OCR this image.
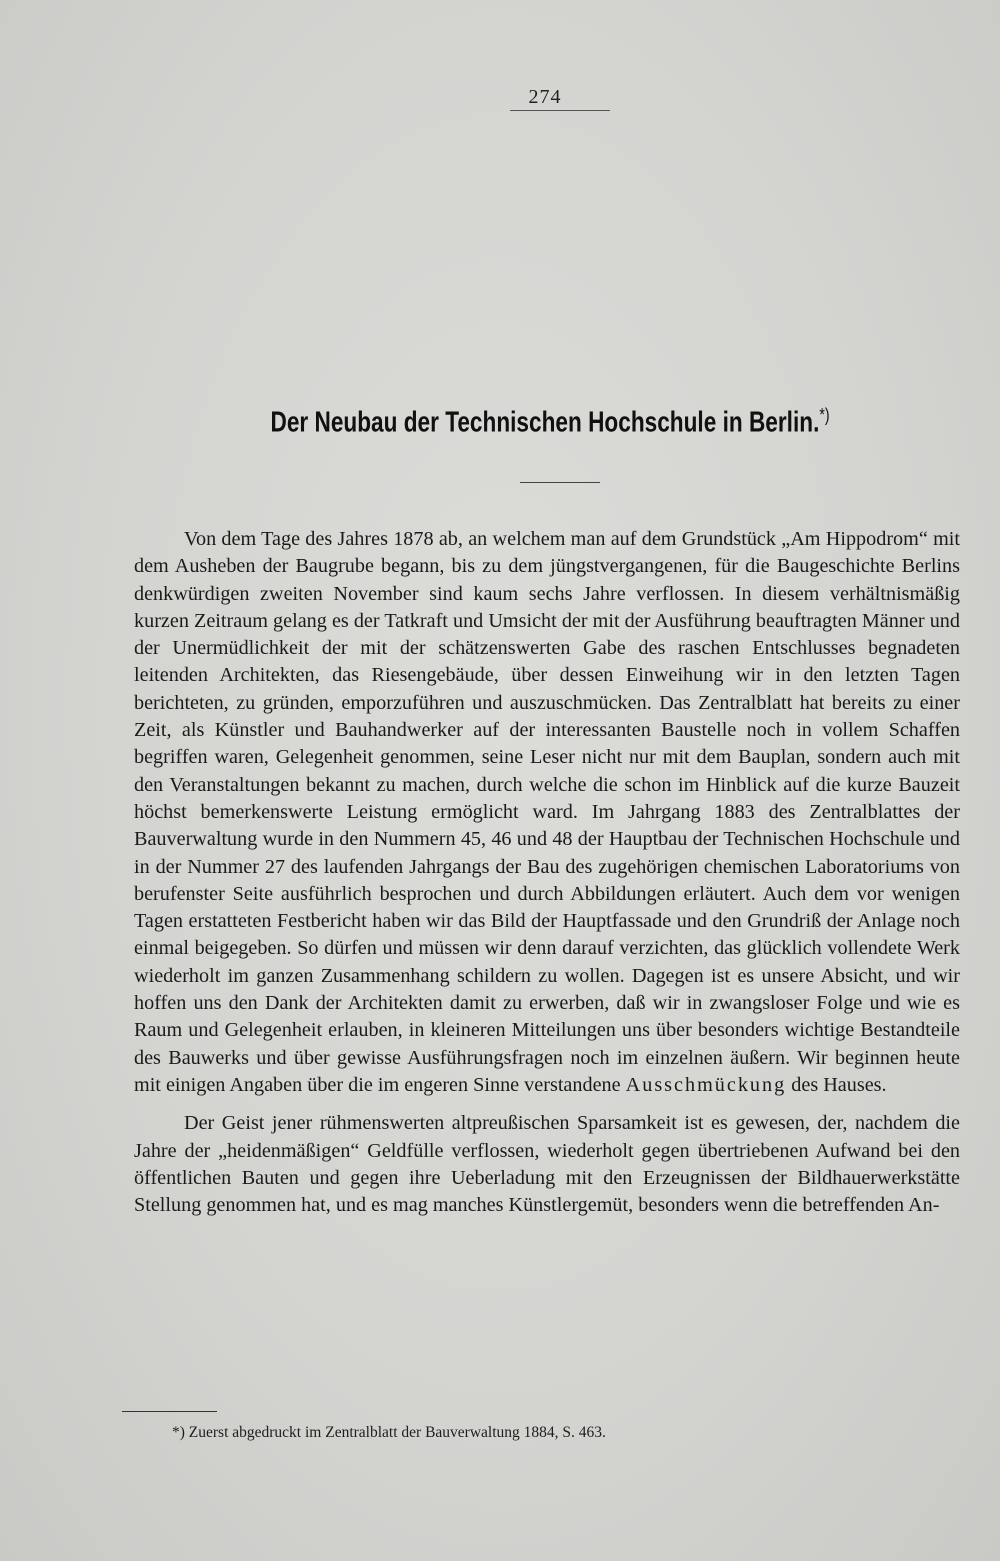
274
Der Neubau der Technischen Hochschule in Berlin.*)

Von dem Tage des Jahres 1878 ab, an welchem man auf dem Grundstück „Am Hippodrom“ mit dem Ausheben der Baugrube begann, bis zu dem jüngstvergangenen, für die Baugeschichte Berlins denkwürdigen zweiten November sind kaum sechs Jahre verflossen. In diesem verhältnismäßig kurzen Zeitraum gelang es der Tatkraft und Umsicht der mit der Ausführung beauftragten Männer und der Unermüdlichkeit der mit der schätzenswerten Gabe des raschen Entschlusses begnadeten leitenden Architekten, das Riesengebäude, über dessen Einweihung wir in den letzten Tagen berichteten, zu gründen, emporzuführen und auszuschmücken. Das Zentralblatt hat bereits zu einer Zeit, als Künstler und Bauhandwerker auf der interessanten Baustelle noch in vollem Schaffen begriffen waren, Gelegenheit genommen, seine Leser nicht nur mit dem Bauplan, sondern auch mit den Veranstaltungen bekannt zu machen, durch welche die schon im Hinblick auf die kurze Bauzeit höchst bemerkenswerte Leistung ermöglicht ward. Im Jahrgang 1883 des Zentralblattes der Bauverwaltung wurde in den Nummern 45, 46 und 48 der Hauptbau der Technischen Hochschule und in der Nummer 27 des laufenden Jahrgangs der Bau des zugehörigen chemischen Laboratoriums von berufenster Seite ausführlich besprochen und durch Abbildungen erläutert. Auch dem vor wenigen Tagen erstatteten Festbericht haben wir das Bild der Hauptfassade und den Grundriß der Anlage noch einmal beigegeben. So dürfen und müssen wir denn darauf verzichten, das glücklich vollendete Werk wiederholt im ganzen Zusammenhang schildern zu wollen. Dagegen ist es unsere Absicht, und wir hoffen uns den Dank der Architekten damit zu erwerben, daß wir in zwangsloser Folge und wie es Raum und Gelegenheit erlauben, in kleineren Mitteilungen uns über besonders wichtige Bestandteile des Bauwerks und über gewisse Ausführungsfragen noch im einzelnen äußern. Wir beginnen heute mit einigen Angaben über die im engeren Sinne verstandene Ausschmückung des Hauses.

Der Geist jener rühmenswerten altpreußischen Sparsamkeit ist es gewesen, der, nachdem die Jahre der „heidenmäßigen“ Geldfülle verflossen, wiederholt gegen übertriebenen Aufwand bei den öffentlichen Bauten und gegen ihre Ueberladung mit den Erzeugnissen der Bildhauerwerkstätte Stellung genommen hat, und es mag manches Künstlergemüt, besonders wenn die betreffenden An-

*) Zuerst abgedruckt im Zentralblatt der Bauverwaltung 1884, S. 463.
